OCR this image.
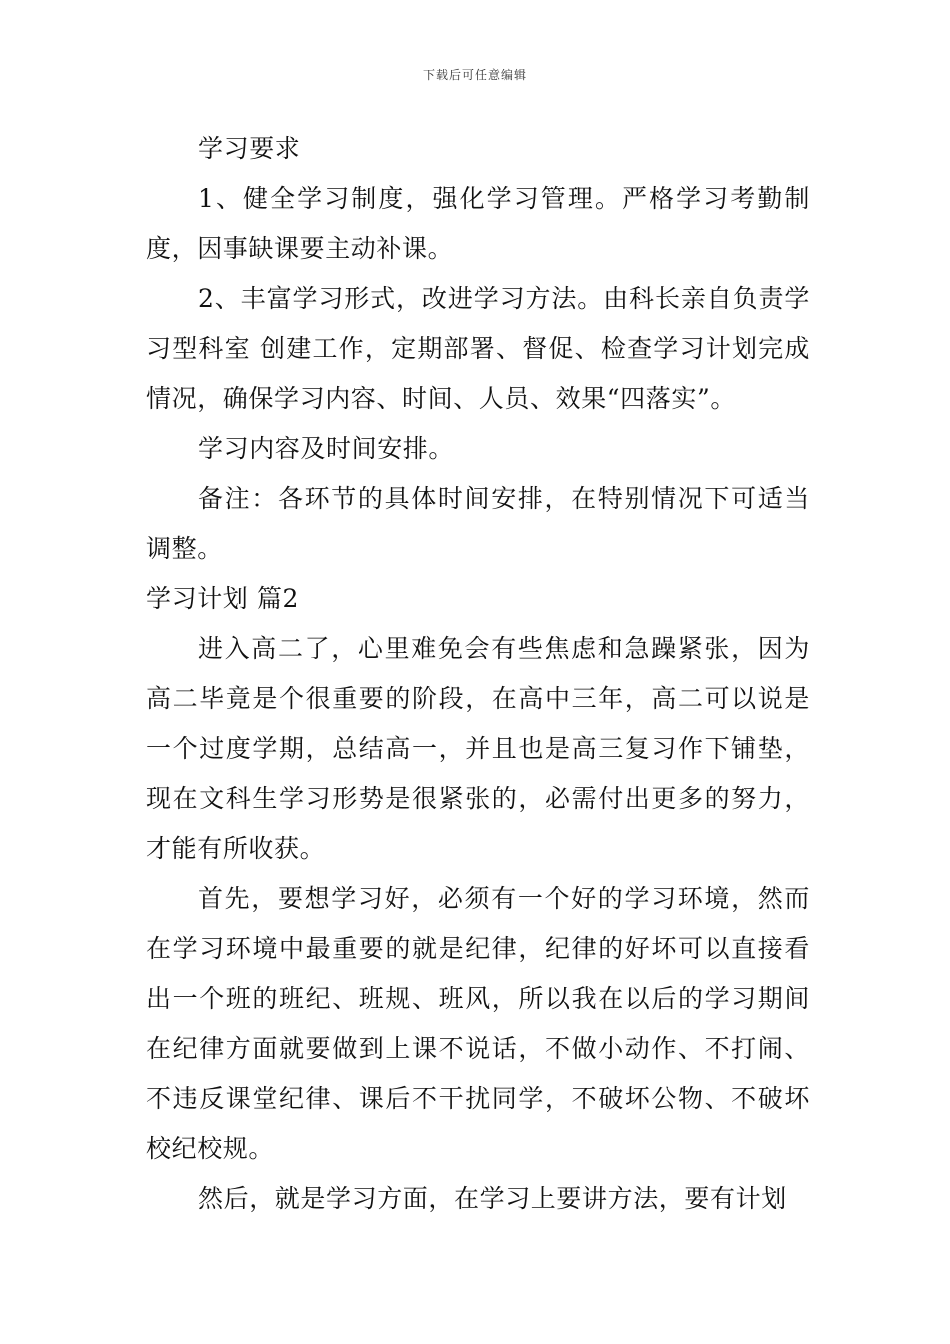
下载后可任意编辑

学习要求

1、健全学习制度，强化学习管理。严格学习考勤制度，因事缺课要主动补课。

2、丰富学习形式，改进学习方法。由科长亲自负责学习型科室 创建工作，定期部署、督促、检查学习计划完成情况，确保学习内容、时间、人员、效果“四落实”。

学习内容及时间安排。

备注：各环节的具体时间安排，在特别情况下可适当调整。

学习计划 篇2

进入高二了，心里难免会有些焦虑和急躁紧张，因为高二毕竟是个很重要的阶段，在高中三年，高二可以说是一个过度学期，总结高一，并且也是高三复习作下铺垫，现在文科生学习形势是很紧张的，必需付出更多的努力，才能有所收获。

首先，要想学习好，必须有一个好的学习环境，然而在学习环境中最重要的就是纪律，纪律的好坏可以直接看出一个班的班纪、班规、班风，所以我在以后的学习期间在纪律方面就要做到上课不说话，不做小动作、不打闹、不违反课堂纪律、课后不干扰同学，不破坏公物、不破坏校纪校规。

然后，就是学习方面，在学习上要讲方法，要有计划
